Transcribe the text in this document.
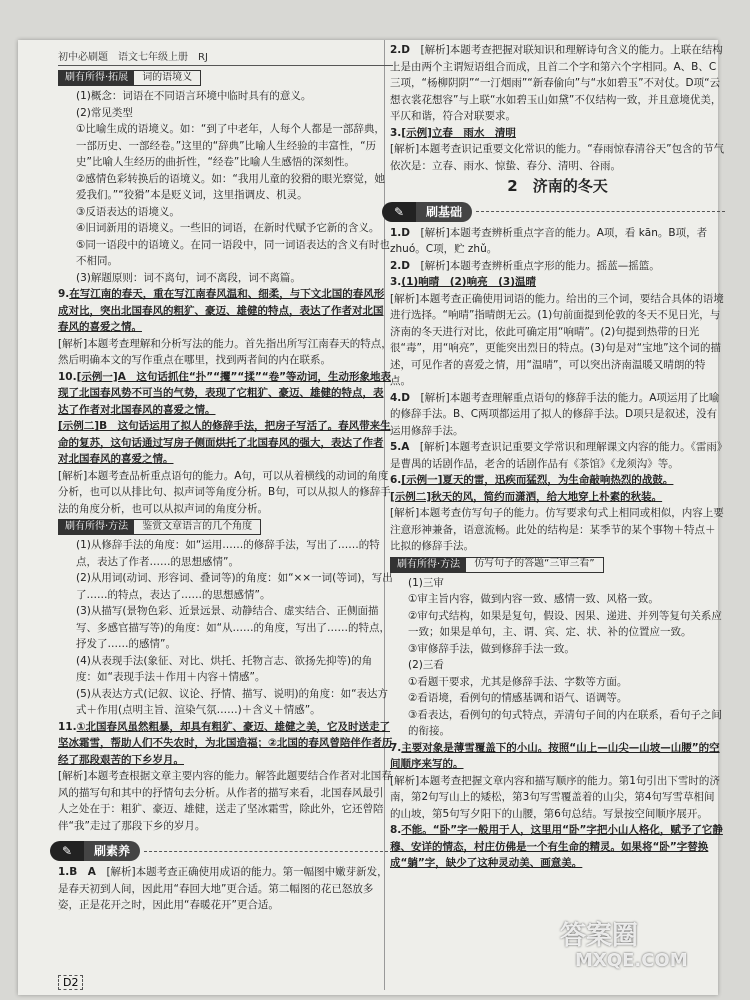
初中必刷题　语文七年级上册　RJ
刷有所得·拓展	词的语境义

(1)概念：词语在不同语言环境中临时具有的意义。

(2)常见类型

①比喻生成的语境义。如：“到了中老年，人每个人都是一部辞典，一部历史、一部经卷。”这里的“辞典”比喻人生经验的丰富性，“历史”比喻人生经历的曲折性，“经卷”比喻人生感悟的深刻性。

②感情色彩转换后的语境义。如：“我用儿童的狡猾的眼光察觉，她爱我们。”“狡猾”本是贬义词，这里指调皮、机灵。

③反语表达的语境义。

④旧词新用的语境义。一些旧的词语，在新时代赋予它新的含义。

⑤同一语段中的语境义。在同一语段中，同一词语表达的含义有时也不相同。

(3)解题原则：词不离句，词不离段，词不离篇。

9.在写江南的春天，重在写江南春风温和、细柔，与下文北国的春风形成对比，突出北国春风的粗犷、豪迈、雄健的特点，表达了作者对北国春风的喜爱之情。

[解析]本题考查理解和分析写法的能力。首先指出所写江南春天的特点，然后明确本文的写作重点在哪里，找到两者间的内在联系。

10.[示例一]A　这句话抓住“扑”“攫”“揉”“卷”等动词，生动形象地表现了北国春风势不可当的气势，表现了它粗犷、豪迈、雄健的特点，表达了作者对北国春风的喜爱之情。

[示例二]B　这句话运用了拟人的修辞手法，把房子写活了。春风带来生命的复苏，这句话通过写房子侧面烘托了北国春风的强大，表达了作者对北国春风的喜爱之情。

[解析]本题考查品析重点语句的能力。A句，可以从着横线的动词的角度分析，也可以从排比句、拟声词等角度分析。B句，可以从拟人的修辞手法的角度分析，也可以从拟声词的角度分析。

刷有所得·方法	鉴赏文章语言的几个角度

(1)从修辞手法的角度：如“运用……的修辞手法，写出了……的特点，表达了作者……的思想感情”。

(2)从用词(动词、形容词、叠词等)的角度：如“××一词(等词)，写出了……的特点，表达了……的思想感情”。

(3)从描写(景物色彩、近景远景、动静结合、虚实结合、正侧面描写、多感官描写等)的角度：如“从……的角度，写出了……的特点，抒发了……的感情”。

(4)从表现手法(象征、对比、烘托、托物言志、欲扬先抑等)的角度：如“表现手法＋作用＋内容＋情感”。

(5)从表达方式(记叙、议论、抒情、描写、说明)的角度：如“表达方式＋作用(点明主旨、渲染气氛……)＋含义＋情感”。

11.①北国春风虽然粗暴，却具有粗犷、豪迈、雄健之美，它及时送走了坚冰霜雪，帮助人们不失农时，为北国造福；②北国的春风曾陪伴作者历经了那段艰苦的下乡岁月。

[解析]本题考查根据文章主要内容的能力。解答此题要结合作者对北国春风的描写句和其中的抒情句去分析。从作者的描写来看，北国春风最引人之处在于：粗犷、豪迈、雄健，送走了坚冰霜雪，除此外，它还曾陪伴“我”走过了那段下乡的岁月。

✎	刷素养

1.B　A　 [解析]本题考查正确使用成语的能力。第一幅图中嫩芽新发，是春天初到人间，因此用“春回大地”更合适。第二幅图的花已怒放多姿，正是花开之时，因此用“春暖花开”更合适。

2.D　 [解析]本题考查把握对联知识和理解诗句含义的能力。上联在结构上是由两个主谓短语组合而成，且首二个字和第六个字相同。A、B、C三项，“杨柳阴阴”“一汀烟雨”“新春偷向”与“水如碧玉”不对仗。D项“云想衣裳花想容”与上联“水如碧玉山如黛”不仅结构一致，并且意境优美，平仄和谐，符合对联要求。

3.[示例]立春　雨水　清明

[解析]本题考查识记重要文化常识的能力。“春雨惊春清谷天”包含的节气依次是：立春、雨水、惊蛰、春分、清明、谷雨。

2　 济南的冬天
✎	刷基础

1.D　 [解析]本题考查辨析重点字音的能力。A项，看 kān。B项，者 zhuó。C项，贮 zhǔ。

2.D　 [解析]本题考查辨析重点字形的能力。摇蓝—摇篮。

3.(1)响晴　(2)响亮　(3)温晴

[解析]本题考查正确使用词语的能力。给出的三个词，要结合具体的语境进行选择。“响晴”指晴朗无云。(1)句前面提到伦敦的冬天不见日光，与济南的冬天进行对比，依此可确定用“响晴”。(2)句提到热带的日光很“毒”，用“响亮”，更能突出烈日的特点。(3)句是对“宝地”这个词的描述，可见作者的喜爱之情，用“温晴”，可以突出济南温暖又晴朗的特点。

4.D　 [解析]本题考查理解重点语句的修辞手法的能力。A项运用了比喻的修辞手法。B、C两项都运用了拟人的修辞手法。D项只是叙述，没有运用修辞手法。

5.A　 [解析]本题考查识记重要文学常识和理解课文内容的能力。《雷雨》是曹禺的话剧作品，老舍的话剧作品有《茶馆》《龙须沟》等。

6.[示例一]夏天的雷，迅疾而猛烈，为生命敲响热烈的战鼓。

[示例二]秋天的风，简约而潇洒，给大地穿上朴素的秋装。

[解析]本题考查仿写句子的能力。仿写要求句式上相同或相似，内容上要注意形神兼备，语意流畅。此处的结构是：某季节的某个事物＋特点＋比拟的修辞手法。

刷有所得·方法	仿写句子的答题“三审三看”

(1)三审

①审主旨内容，做到内容一致、感情一致、风格一致。

②审句式结构，如果是复句，假设、因果、递进、并列等复句关系应一致；如果是单句，主、谓、宾、定、状、补的位置应一致。

③审修辞手法，做到修辞手法一致。

(2)三看

①看题干要求，尤其是修辞手法、字数等方面。

②看语境，看例句的情感基调和语气、语调等。

③看表达，看例句的句式特点，弄清句子间的内在联系，看句子之间的衔接。

7.主要对象是薄雪覆盖下的小山。按照“山上—山尖—山坡—山腰”的空间顺序来写的。

[解析]本题考查把握文章内容和描写顺序的能力。第1句引出下雪时的济南，第2句写山上的矮松，第3句写雪覆盖着的山尖，第4句写雪草相间的山坡，第5句写夕阳下的山腰，第6句总结。写景按空间顺序展开。

8.不能。“卧”字一般用于人，这里用“卧”字把小山人格化，赋予了它静穆、安详的情态，村庄仿佛是一个有生命的精灵。如果将“卧”字替换成“躺”字，缺少了这种灵动美、画意美。

D2
答案圈
MXQE.COM
